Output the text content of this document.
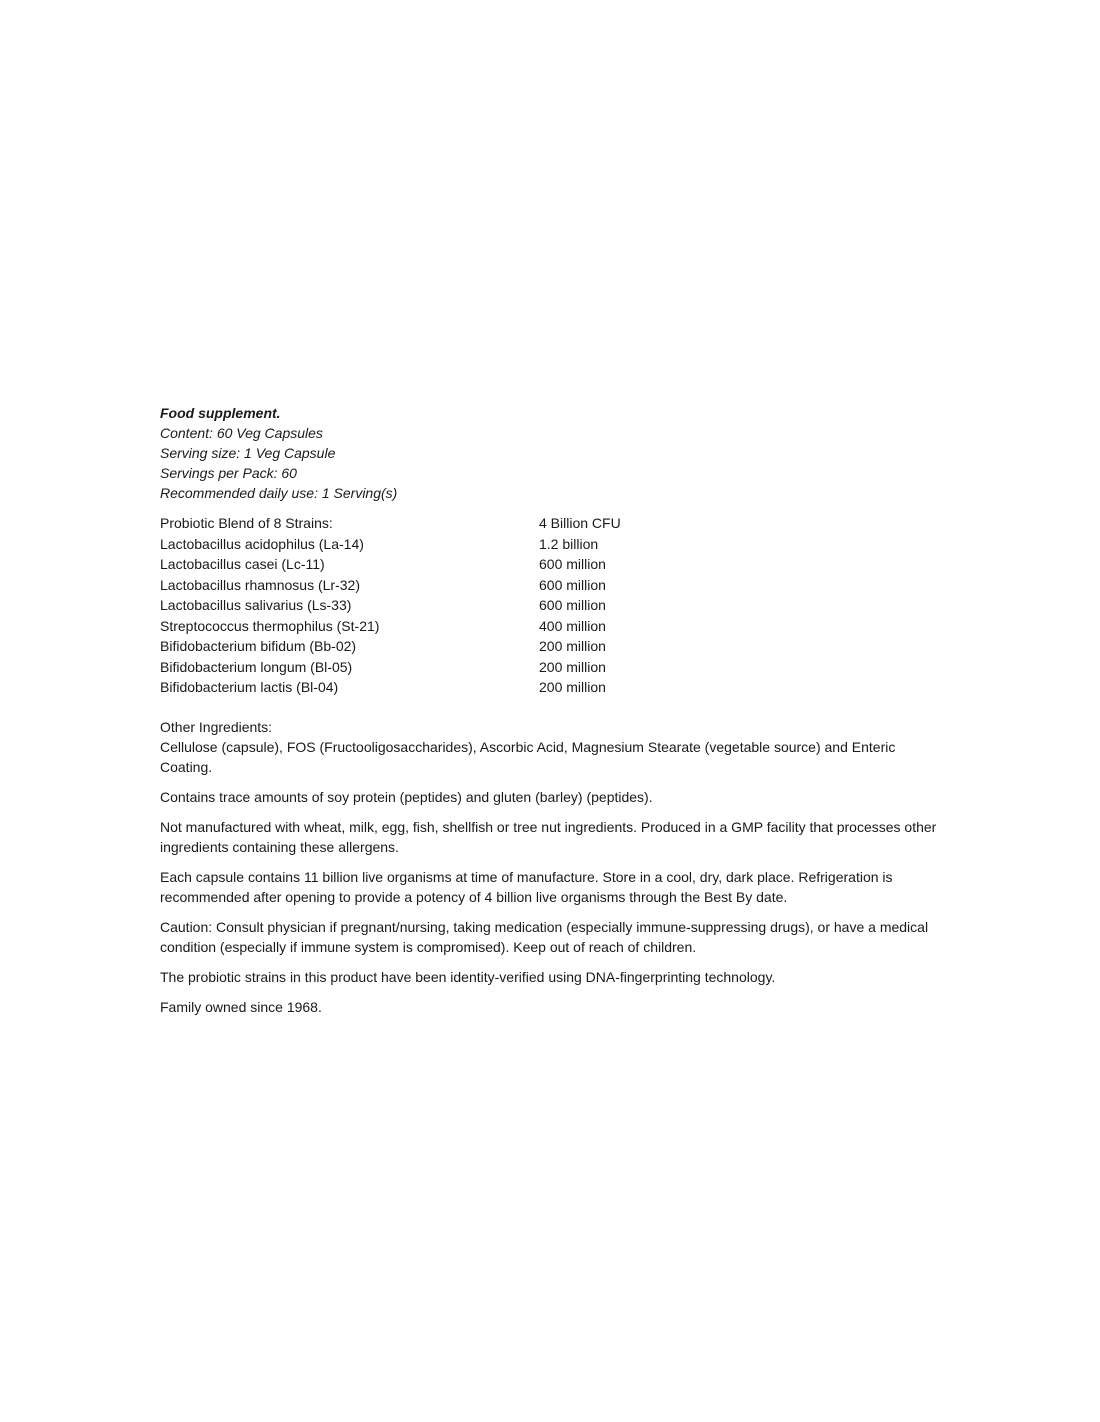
Food supplement.
Content: 60 Veg Capsules
Serving size: 1 Veg Capsule
Servings per Pack: 60
Recommended daily use: 1 Serving(s)
Probiotic Blend of 8 Strains:	4 Billion CFU
Lactobacillus acidophilus (La-14)	1.2 billion
Lactobacillus casei (Lc-11)	600 million
Lactobacillus rhamnosus (Lr-32)	600 million
Lactobacillus salivarius (Ls-33)	600 million
Streptococcus thermophilus (St-21)	400 million
Bifidobacterium bifidum (Bb-02)	200 million
Bifidobacterium longum (Bl-05)	200 million
Bifidobacterium lactis (Bl-04)	200 million
Other Ingredients:

Cellulose (capsule), FOS (Fructooligosaccharides), Ascorbic Acid, Magnesium Stearate (vegetable source) and Enteric Coating.

Contains trace amounts of soy protein (peptides) and gluten (barley) (peptides).

Not manufactured with wheat, milk, egg, fish, shellfish or tree nut ingredients. Produced in a GMP facility that processes other ingredients containing these allergens.

Each capsule contains 11 billion live organisms at time of manufacture. Store in a cool, dry, dark place. Refrigeration is recommended after opening to provide a potency of 4 billion live organisms through the Best By date.

Caution: Consult physician if pregnant/nursing, taking medication (especially immune-suppressing drugs), or have a medical condition (especially if immune system is compromised). Keep out of reach of children.

The probiotic strains in this product have been identity-verified using DNA-fingerprinting technology.

Family owned since 1968.
